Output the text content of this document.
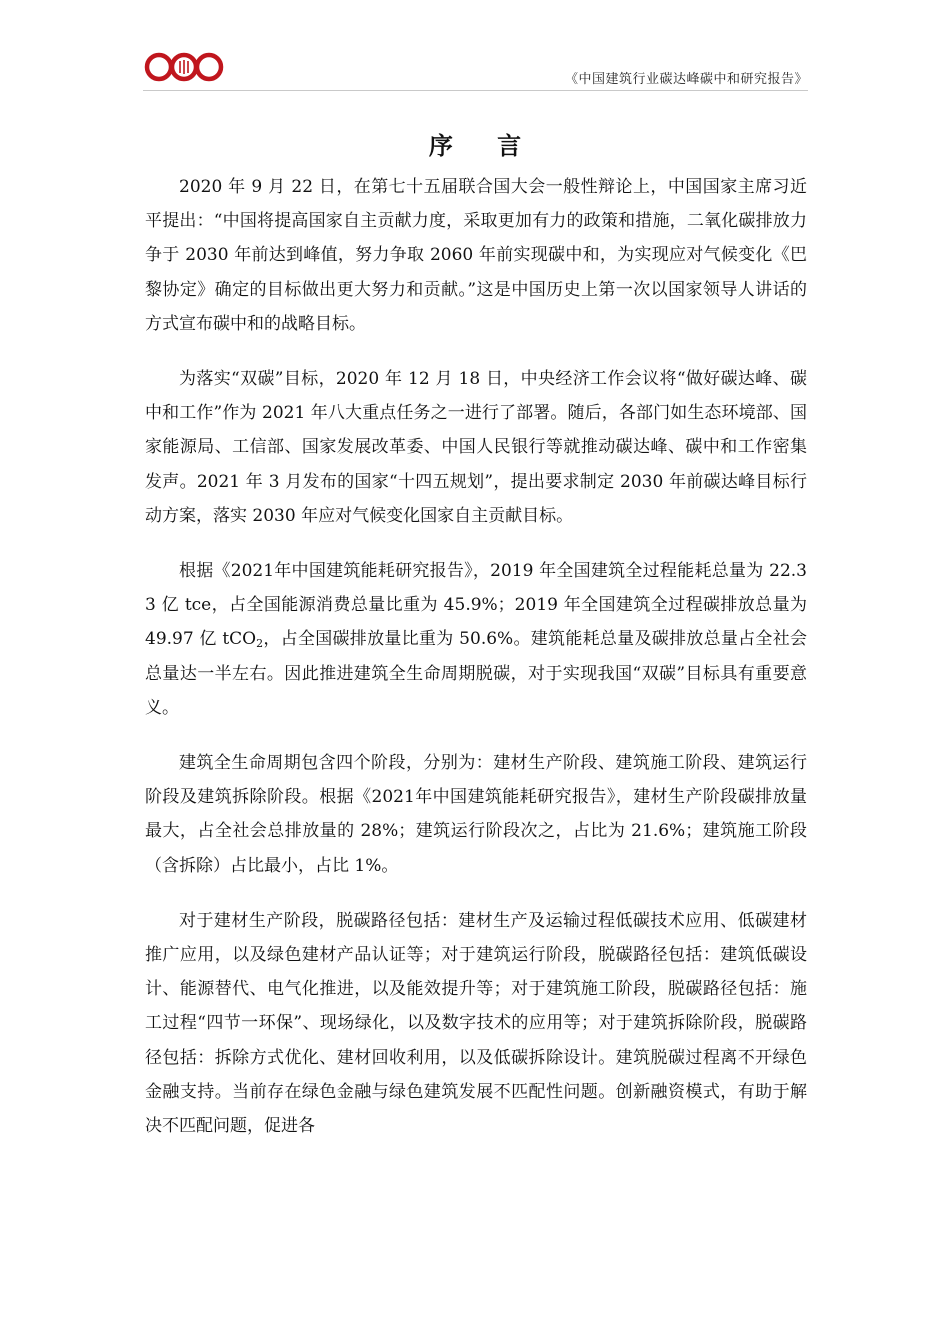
《中国建筑行业碳达峰碳中和研究报告》
序 言

2020 年 9 月 22 日，在第七十五届联合国大会一般性辩论上，中国国家主席习近平提出：“中国将提高国家自主贡献力度，采取更加有力的政策和措施，二氧化碳排放力争于 2030 年前达到峰值，努力争取 2060 年前实现碳中和，为实现应对气候变化《巴黎协定》确定的目标做出更大努力和贡献。”这是中国历史上第一次以国家领导人讲话的方式宣布碳中和的战略目标。

为落实“双碳”目标，2020 年 12 月 18 日，中央经济工作会议将“做好碳达峰、碳中和工作”作为 2021 年八大重点任务之一进行了部署。随后，各部门如生态环境部、国家能源局、工信部、国家发展改革委、中国人民银行等就推动碳达峰、碳中和工作密集发声。2021 年 3 月发布的国家“十四五规划”，提出要求制定 2030 年前碳达峰目标行动方案，落实 2030 年应对气候变化国家自主贡献目标。

根据《2021年中国建筑能耗研究报告》，2019 年全国建筑全过程能耗总量为 22.33 亿 tce，占全国能源消费总量比重为 45.9%；2019 年全国建筑全过程碳排放总量为 49.97 亿 tCO$_2$，占全国碳排放量比重为 50.6%。建筑能耗总量及碳排放总量占全社会总量达一半左右。因此推进建筑全生命周期脱碳，对于实现我国“双碳”目标具有重要意义。

建筑全生命周期包含四个阶段，分别为：建材生产阶段、建筑施工阶段、建筑运行阶段及建筑拆除阶段。根据《2021年中国建筑能耗研究报告》，建材生产阶段碳排放量最大，占全社会总排放量的 28%；建筑运行阶段次之，占比为 21.6%；建筑施工阶段（含拆除）占比最小，占比 1%。

对于建材生产阶段，脱碳路径包括：建材生产及运输过程低碳技术应用、低碳建材推广应用，以及绿色建材产品认证等；对于建筑运行阶段，脱碳路径包括：建筑低碳设计、能源替代、电气化推进，以及能效提升等；对于建筑施工阶段，脱碳路径包括：施工过程“四节一环保”、现场绿化，以及数字技术的应用等；对于建筑拆除阶段，脱碳路径包括：拆除方式优化、建材回收利用，以及低碳拆除设计。建筑脱碳过程离不开绿色金融支持。当前存在绿色金融与绿色建筑发展不匹配性问题。创新融资模式，有助于解决不匹配问题，促进各
